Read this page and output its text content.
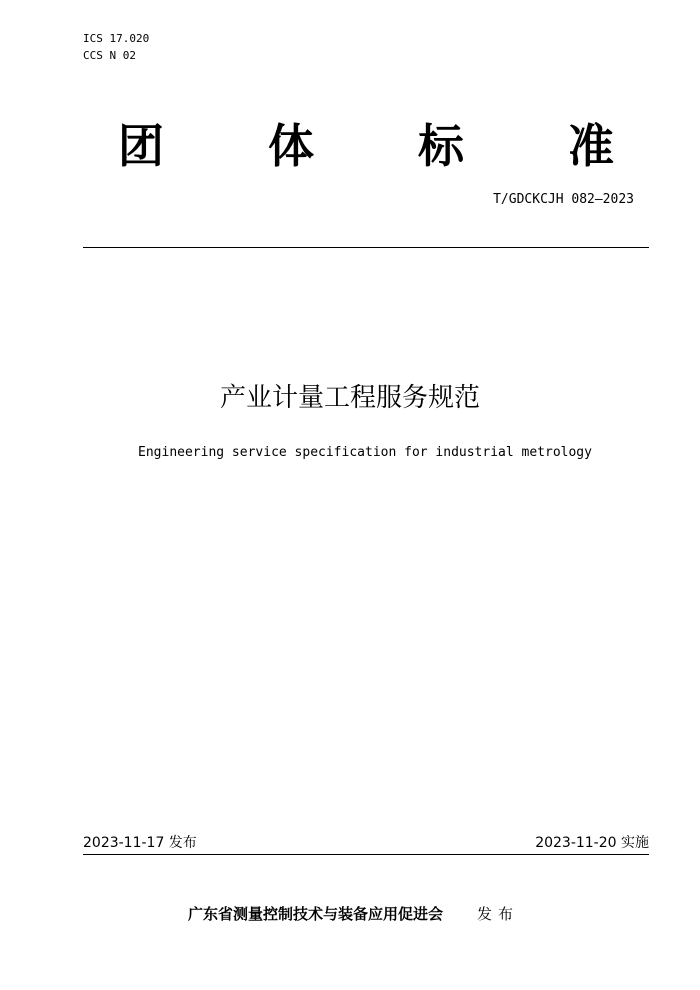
ICS 17.020
CCS N 02
团 体 标 准
T/GDCKCJH 082—2023
产业计量工程服务规范
Engineering service specification for industrial metrology
2023-11-17 发布	2023-11-20 实施
广东省测量控制技术与装备应用促进会 发布
